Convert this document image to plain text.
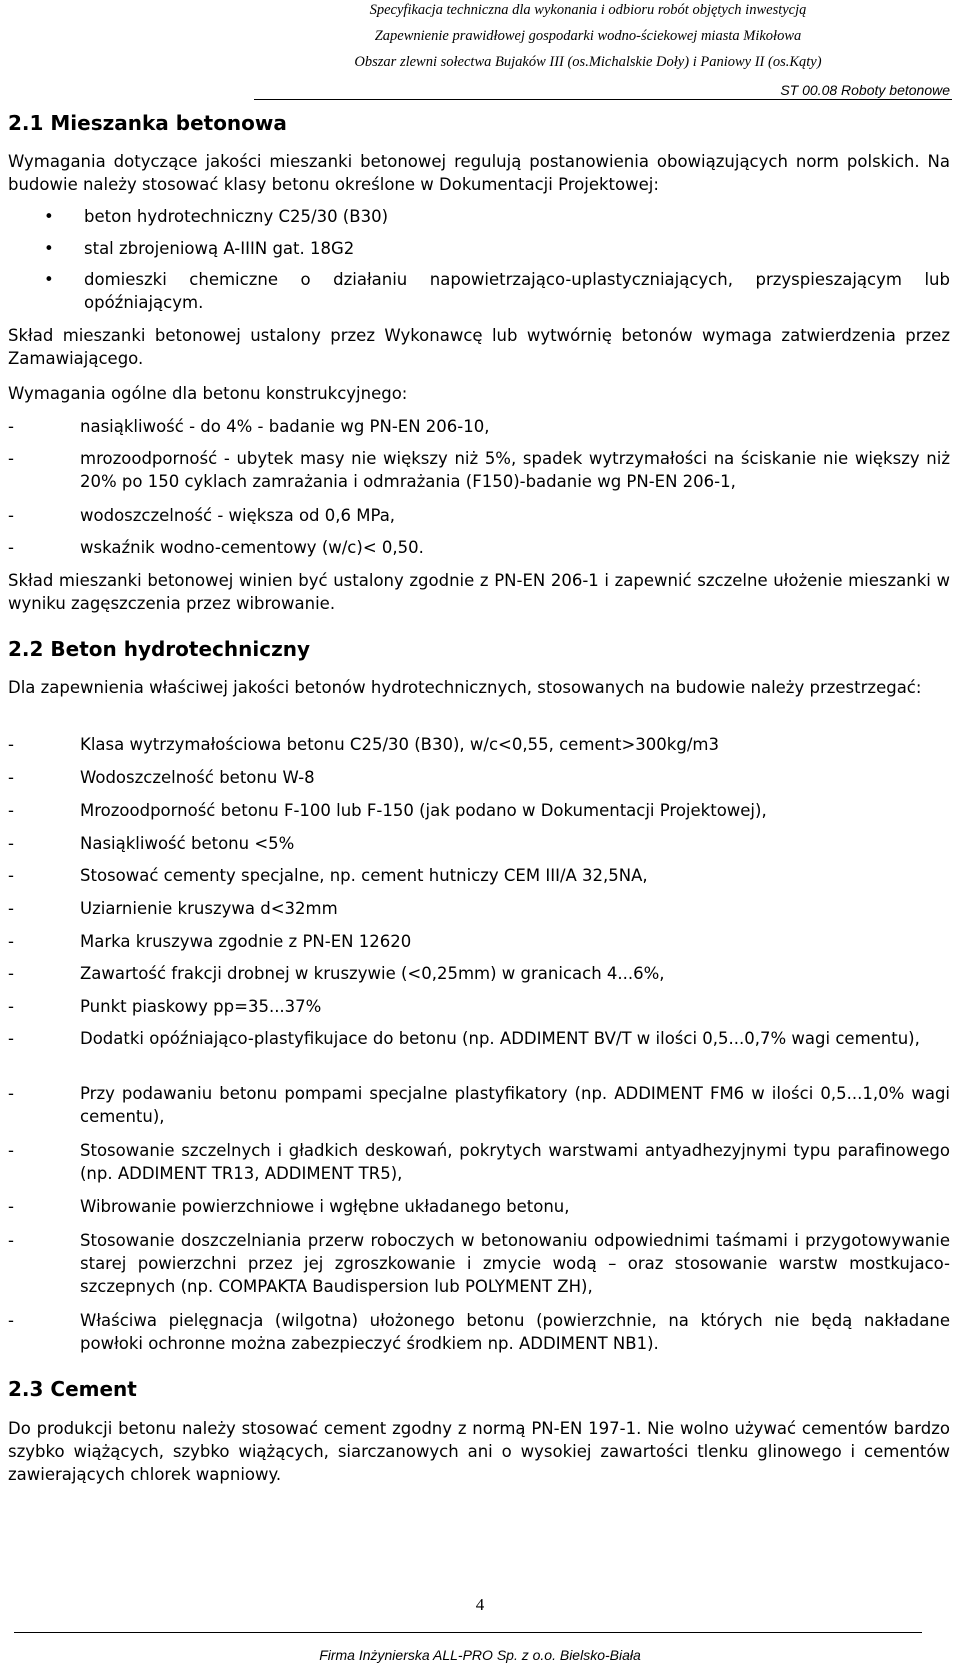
Specyfikacja techniczna dla wykonania i odbioru robót objętych inwestycją
Zapewnienie prawidłowej gospodarki wodno-ściekowej miasta Mikołowa
Obszar zlewni sołectwa Bujaków III (os.Michalskie Doły) i Paniowy II (os.Kąty)
ST 00.08 Roboty betonowe
2.1 Mieszanka betonowa

Wymagania dotyczące jakości mieszanki betonowej regulują postanowienia obowiązujących norm polskich. Na budowie należy stosować klasy betonu określone w Dokumentacji Projektowej:

• beton hydrotechniczny C25/30 (B30)
• stal zbrojeniową A-IIIN gat. 18G2
• domieszki chemiczne o działaniu napowietrzająco-uplastyczniających, przyspieszającym lub opóźniającym.

Skład mieszanki betonowej ustalony przez Wykonawcę lub wytwórnię betonów wymaga zatwierdzenia przez Zamawiającego.

Wymagania ogólne dla betonu konstrukcyjnego:

-	nasiąkliwość - do 4% - badanie wg PN-EN 206-10,
-	mrozoodporność - ubytek masy nie większy niż 5%, spadek wytrzymałości na ściskanie nie większy niż 20% po 150 cyklach zamrażania i odmrażania (F150)-badanie wg PN-EN 206-1,
-	wodoszczelność - większa od 0,6 MPa,
-	wskaźnik wodno-cementowy (w/c)< 0,50.

Skład mieszanki betonowej winien być ustalony zgodnie z PN-EN 206-1 i zapewnić szczelne ułożenie mieszanki w wyniku zagęszczenia przez wibrowanie.

2.2 Beton hydrotechniczny

Dla zapewnienia właściwej jakości betonów hydrotechnicznych, stosowanych na budowie należy przestrzegać:

-	Klasa wytrzymałościowa betonu C25/30 (B30), w/c<0,55, cement>300kg/m3
-	Wodoszczelność betonu W-8
-	Mrozoodporność betonu F-100 lub F-150 (jak podano w Dokumentacji Projektowej),
-	Nasiąkliwość betonu <5%
-	Stosować cementy specjalne, np. cement hutniczy CEM III/A 32,5NA,
-	Uziarnienie kruszywa d<32mm
-	Marka kruszywa zgodnie z PN-EN 12620
-	Zawartość frakcji drobnej w kruszywie (<0,25mm) w granicach 4...6%,
-	Punkt piaskowy pp=35...37%
-	Dodatki opóźniająco-plastyfikujace do betonu (np. ADDIMENT BV/T w ilości 0,5...0,7% wagi cementu),
-	Przy podawaniu betonu pompami specjalne plastyfikatory (np. ADDIMENT FM6 w ilości 0,5...1,0% wagi cementu),
-	Stosowanie szczelnych i gładkich deskowań, pokrytych warstwami antyadhezyjnymi typu parafinowego (np. ADDIMENT TR13, ADDIMENT TR5),
-	Wibrowanie powierzchniowe i wgłębne układanego betonu,
-	Stosowanie doszczelniania przerw roboczych w betonowaniu odpowiednimi taśmami i przygotowywanie starej powierzchni przez jej zgroszkowanie i zmycie wodą – oraz stosowanie warstw mostkujaco-szczepnych (np. COMPAKTA Baudispersion lub POLYMENT ZH),
-	Właściwa pielęgnacja (wilgotna) ułożonego betonu (powierzchnie, na których nie będą nakładane powłoki ochronne można zabezpieczyć środkiem np. ADDIMENT NB1).
2.3 Cement

Do produkcji betonu należy stosować cement zgodny z normą PN-EN 197-1. Nie wolno używać cementów bardzo szybko wiążących, szybko wiążących, siarczanowych ani o wysokiej zawartości tlenku glinowego i cementów zawierających chlorek wapniowy.

4
Firma Inżynierska ALL-PRO Sp. z o.o. Bielsko-Biała
